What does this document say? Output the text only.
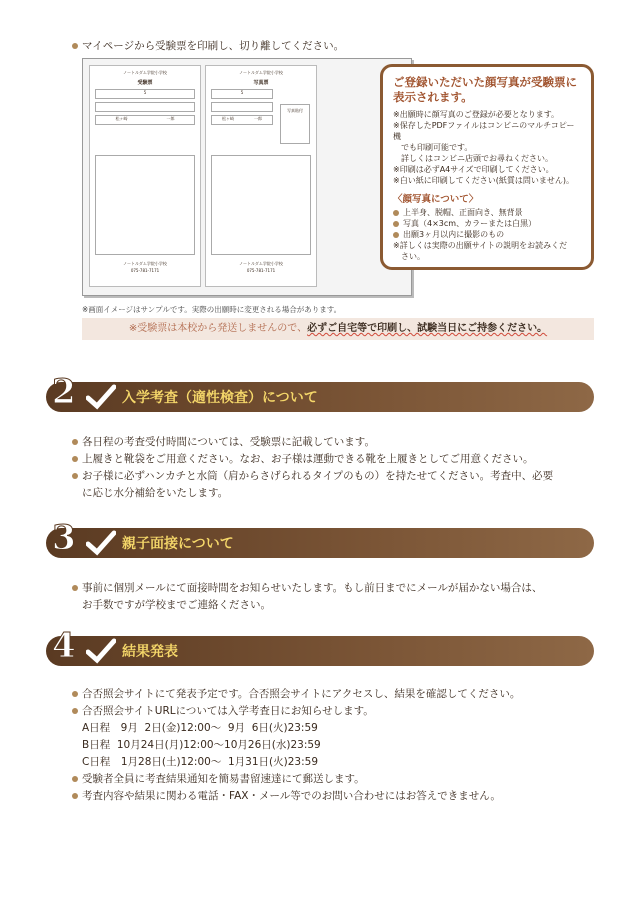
マイページから受験票を印刷し、切り離してください。
ノートルダム学院小学校
受験票
5
松ヶ崎	一郎
ノートルダム学院小学校
075-781-7171
ノートルダム学院小学校
写真票
写真貼付
5
松ヶ崎	一郎
ノートルダム学院小学校
075-781-7171
ご登録いただいた顔写真が受験票に表示されます。
※出願時に顔写真のご登録が必要となります。
※保存したPDFファイルはコンビニのマルチコピー機
　でも印刷可能です。
　詳しくはコンビニ店頭でお尋ねください。
※印刷は必ずA4サイズで印刷してください。
※白い紙に印刷してください(紙質は問いません)。
〈顔写真について〉
上半身、脱帽、正面向き、無背景
写真（4×3cm、カラーまたは白黒）
出願3ヶ月以内に撮影のもの
※詳しくは実際の出願サイトの説明をお読みくだ
　さい。
※画面イメージはサンプルです。実際の出願時に変更される場合があります。
※受験票は本校から発送しませんので、必ずご自宅等で印刷し、試験当日にご持参ください。
2	入学考査（適性検査）について
各日程の考査受付時間については、受験票に記載しています。
上履きと靴袋をご用意ください。なお、お子様は運動できる靴を上履きとしてご用意ください。
お子様に必ずハンカチと水筒（肩からさげられるタイプのもの）を持たせてください。考査中、必要
に応じ水分補給をいたします。
3	親子面接について
事前に個別メールにて面接時間をお知らせいたします。もし前日までにメールが届かない場合は、
お手数ですが学校までご連絡ください。
4	結果発表
合否照会サイトにて発表予定です。合否照会サイトにアクセスし、結果を確認してください。
合否照会サイトURLについては入学考査日にお知らせします。
A日程　9月  2日(金)12:00～  9月  6日(火)23:59
B日程  10月24日(月)12:00～10月26日(水)23:59
C日程　1月28日(土)12:00～  1月31日(火)23:59
受験者全員に考査結果通知を簡易書留速達にて郵送します。
考査内容や結果に関わる電話・FAX・メール等でのお問い合わせにはお答えできません。
